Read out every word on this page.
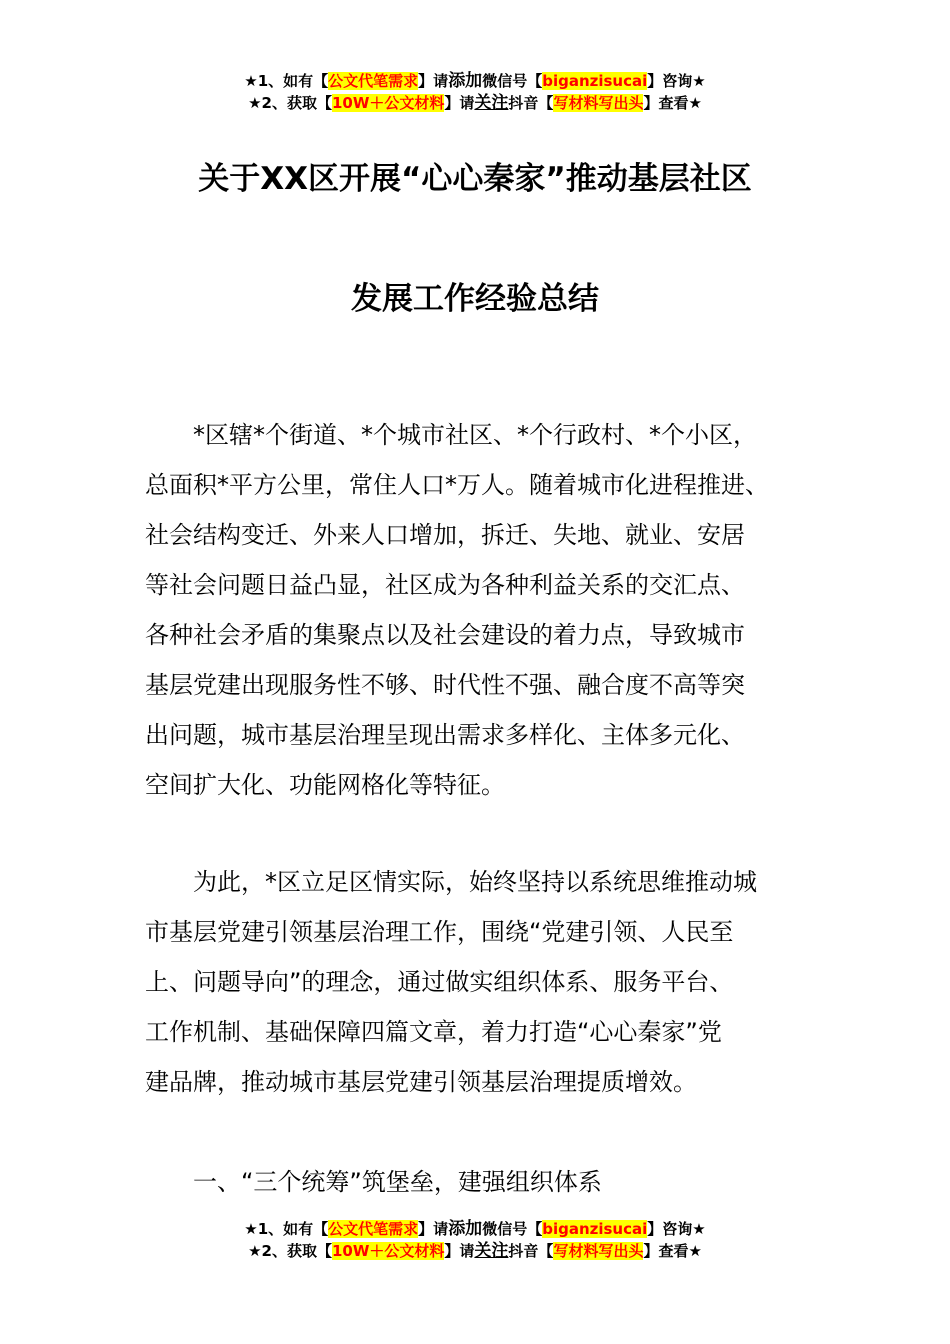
★1、如有【公文代笔需求】请添加微信号【biganzisucai】咨询★
★2、获取【10W＋公文材料】请关注抖音【写材料写出头】查看★
关于XX区开展“心心秦家”推动基层社区
发展工作经验总结
　　*区辖*个街道、*个城市社区、*个行政村、*个小区，
总面积*平方公里，常住人口*万人。随着城市化进程推进、
社会结构变迁、外来人口增加，拆迁、失地、就业、安居
等社会问题日益凸显，社区成为各种利益关系的交汇点、
各种社会矛盾的集聚点以及社会建设的着力点，导致城市
基层党建出现服务性不够、时代性不强、融合度不高等突
出问题，城市基层治理呈现出需求多样化、主体多元化、
空间扩大化、功能网格化等特征。
　　为此，*区立足区情实际，始终坚持以系统思维推动城
市基层党建引领基层治理工作，围绕“党建引领、人民至
上、问题导向”的理念，通过做实组织体系、服务平台、
工作机制、基础保障四篇文章，着力打造“心心秦家”党
建品牌，推动城市基层党建引领基层治理提质增效。
一、“三个统筹”筑堡垒，建强组织体系
★1、如有【公文代笔需求】请添加微信号【biganzisucai】咨询★
★2、获取【10W＋公文材料】请关注抖音【写材料写出头】查看★
